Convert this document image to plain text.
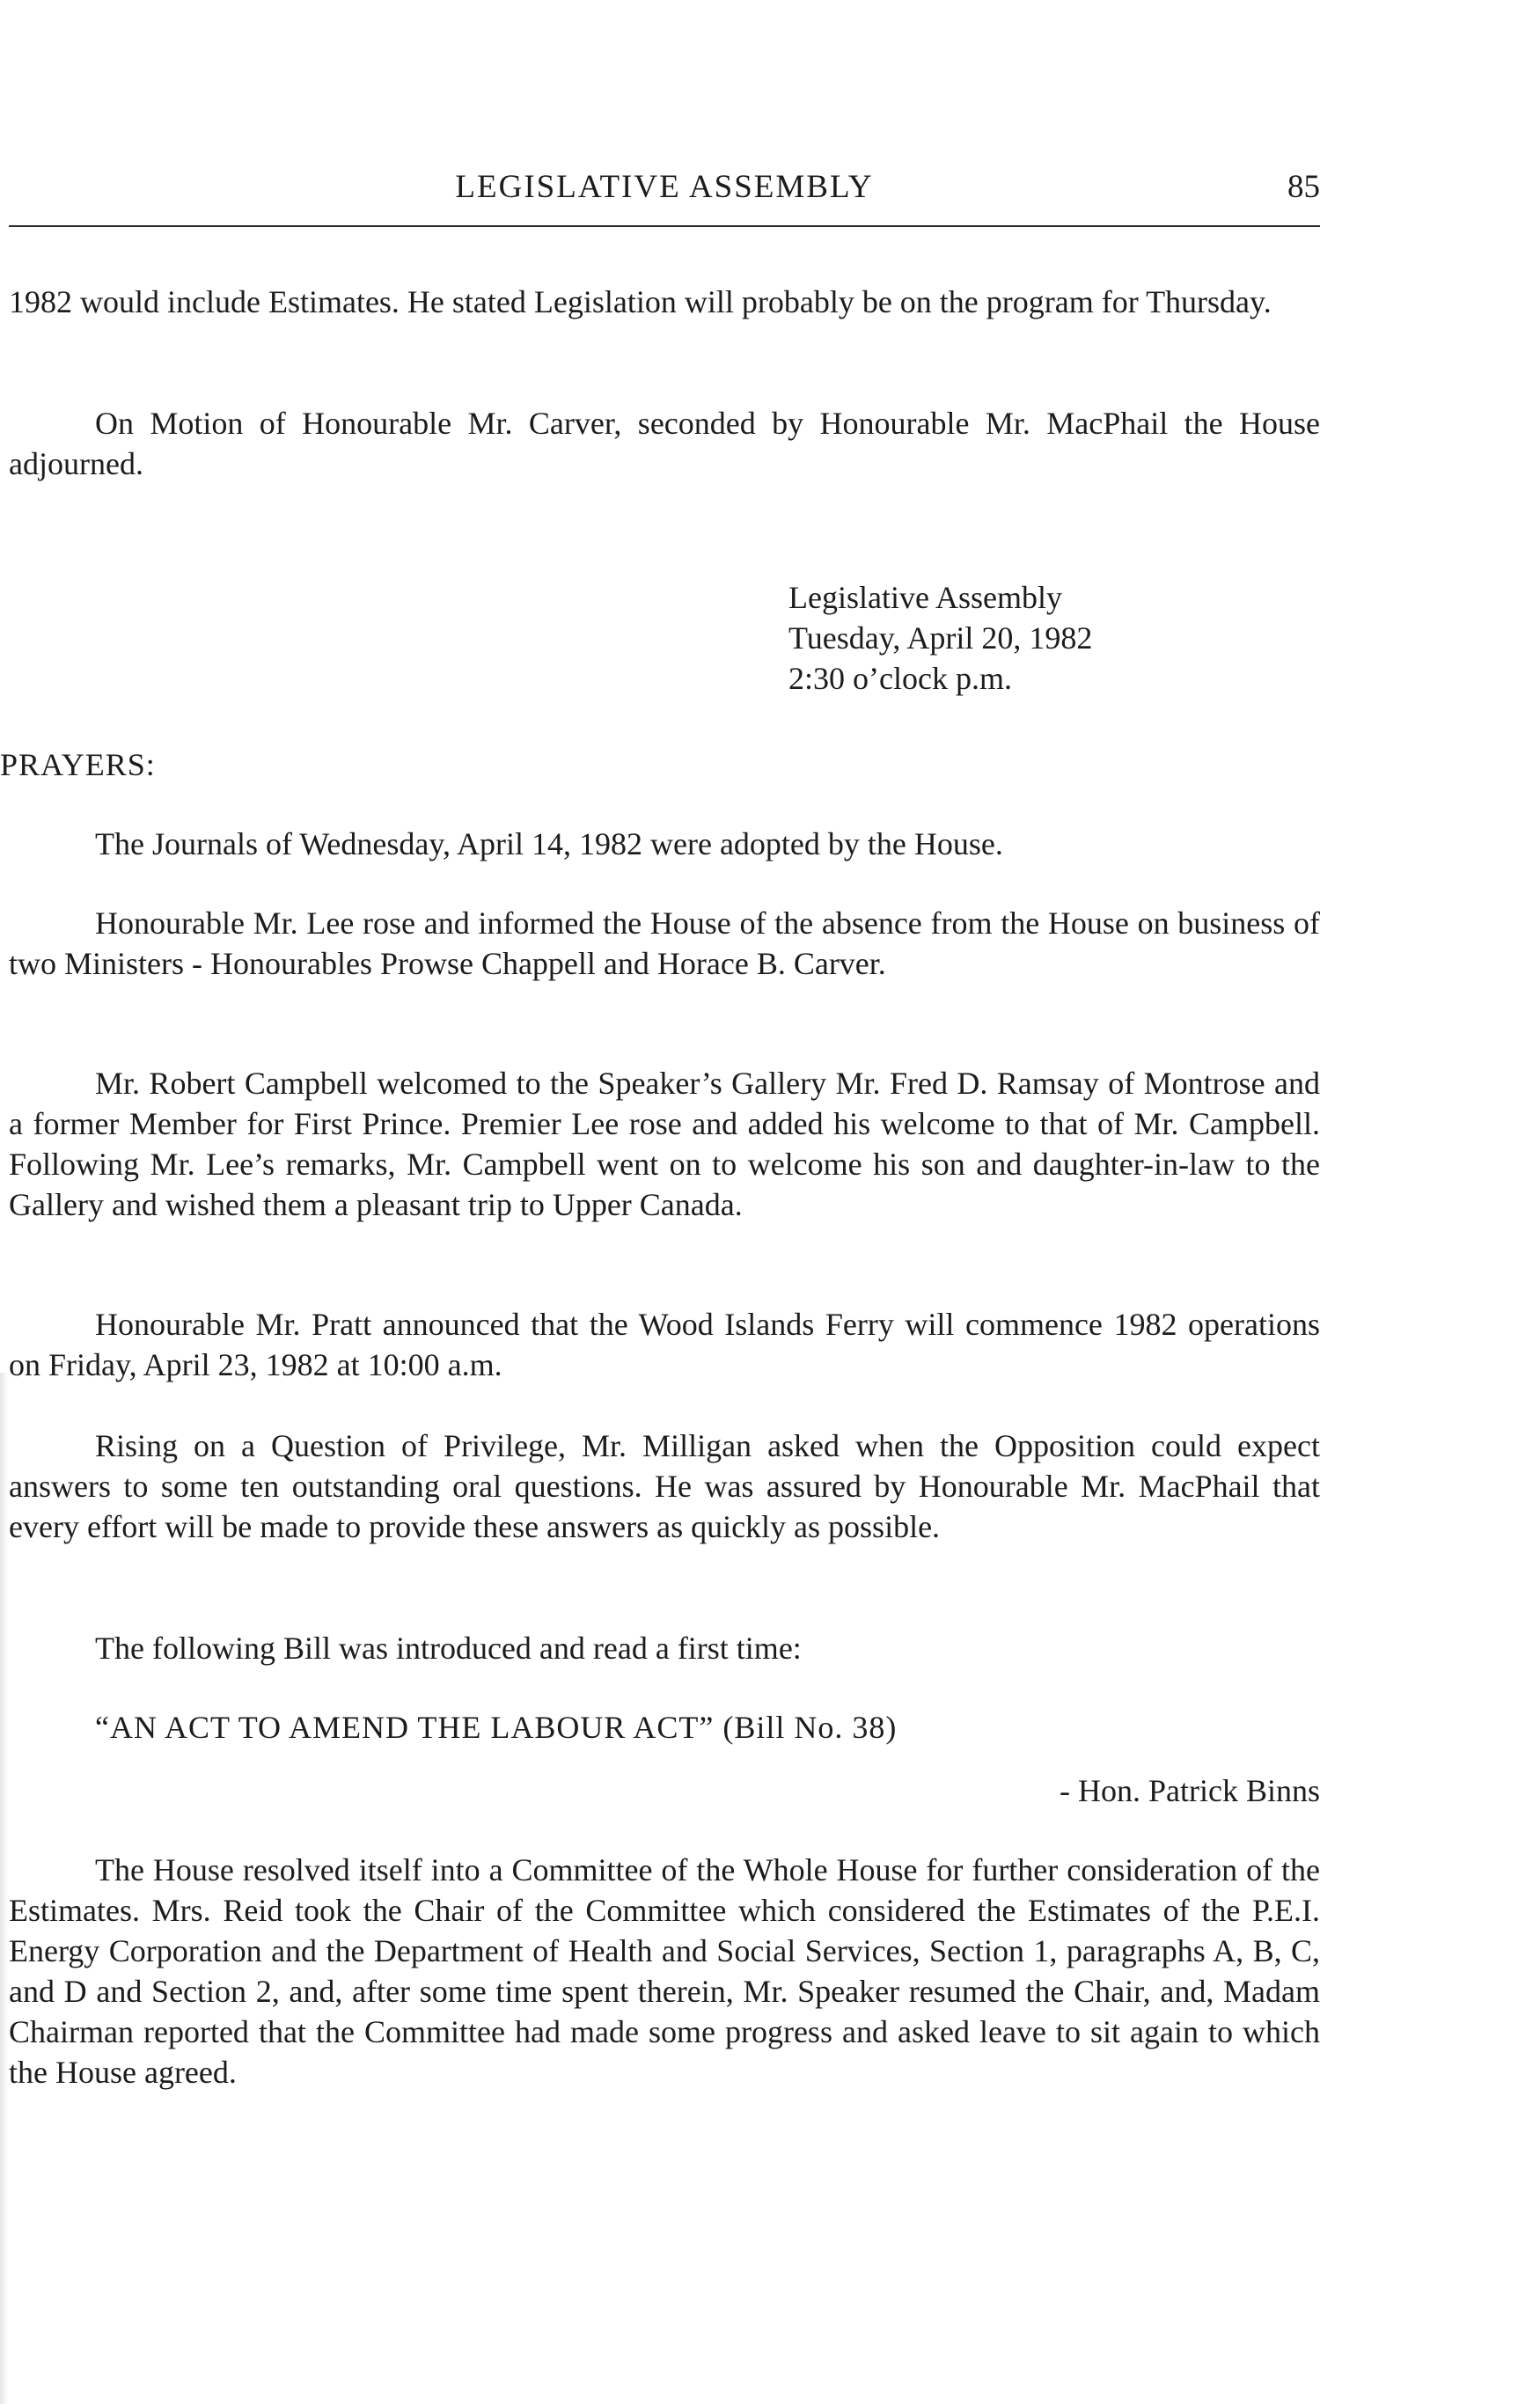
LEGISLATIVE ASSEMBLY	85

1982 would include Estimates. He stated Legislation will probably be on the program for Thursday.

On Motion of Honourable Mr. Carver, seconded by Honourable Mr. MacPhail the House adjourned.

Legislative Assembly
Tuesday, April 20, 1982
2:30 o’clock p.m.
PRAYERS:

The Journals of Wednesday, April 14, 1982 were adopted by the House.

Honourable Mr. Lee rose and informed the House of the absence from the House on business of two Ministers - Honourables Prowse Chappell and Horace B. Carver.

Mr. Robert Campbell welcomed to the Speaker’s Gallery Mr. Fred D. Ramsay of Montrose and a former Member for First Prince. Premier Lee rose and added his welcome to that of Mr. Campbell. Following Mr. Lee’s remarks, Mr. Campbell went on to welcome his son and daughter-in-law to the Gallery and wished them a pleasant trip to Upper Canada.

Honourable Mr. Pratt announced that the Wood Islands Ferry will commence 1982 operations on Friday, April 23, 1982 at 10:00 a.m.

Rising on a Question of Privilege, Mr. Milligan asked when the Opposition could expect answers to some ten outstanding oral questions. He was assured by Honourable Mr. MacPhail that every effort will be made to provide these answers as quickly as possible.

The following Bill was introduced and read a first time:

“AN ACT TO AMEND THE LABOUR ACT” (Bill No. 38)
- Hon. Patrick Binns

The House resolved itself into a Committee of the Whole House for further consideration of the Estimates. Mrs. Reid took the Chair of the Committee which considered the Estimates of the P.E.I. Energy Corporation and the Department of Health and Social Services, Section 1, paragraphs A, B, C, and D and Section 2, and, after some time spent therein, Mr. Speaker resumed the Chair, and, Madam Chairman reported that the Committee had made some progress and asked leave to sit again to which the House agreed.
